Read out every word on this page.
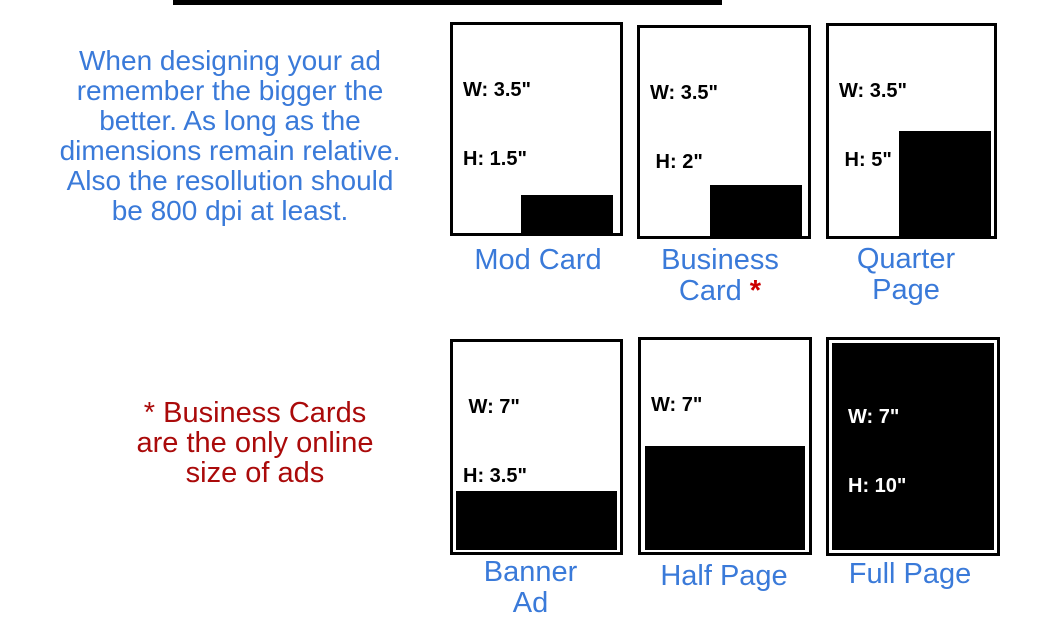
When designing your ad
remember the bigger the
better. As long as the
dimensions remain relative.
Also the resollution should
be 800 dpi at least.
* Business Cards
are the only online
size of ads

W: 3.5"

H: 1.5"

Mod Card

W: 3.5"

H: 2"

Business
Card *

W: 3.5"

H: 5"

Quarter
Page

W: 7"

H: 3.5"

Banner
Ad

W: 7"

H: 5"

Half Page

W: 7"

H: 10"

Full Page
